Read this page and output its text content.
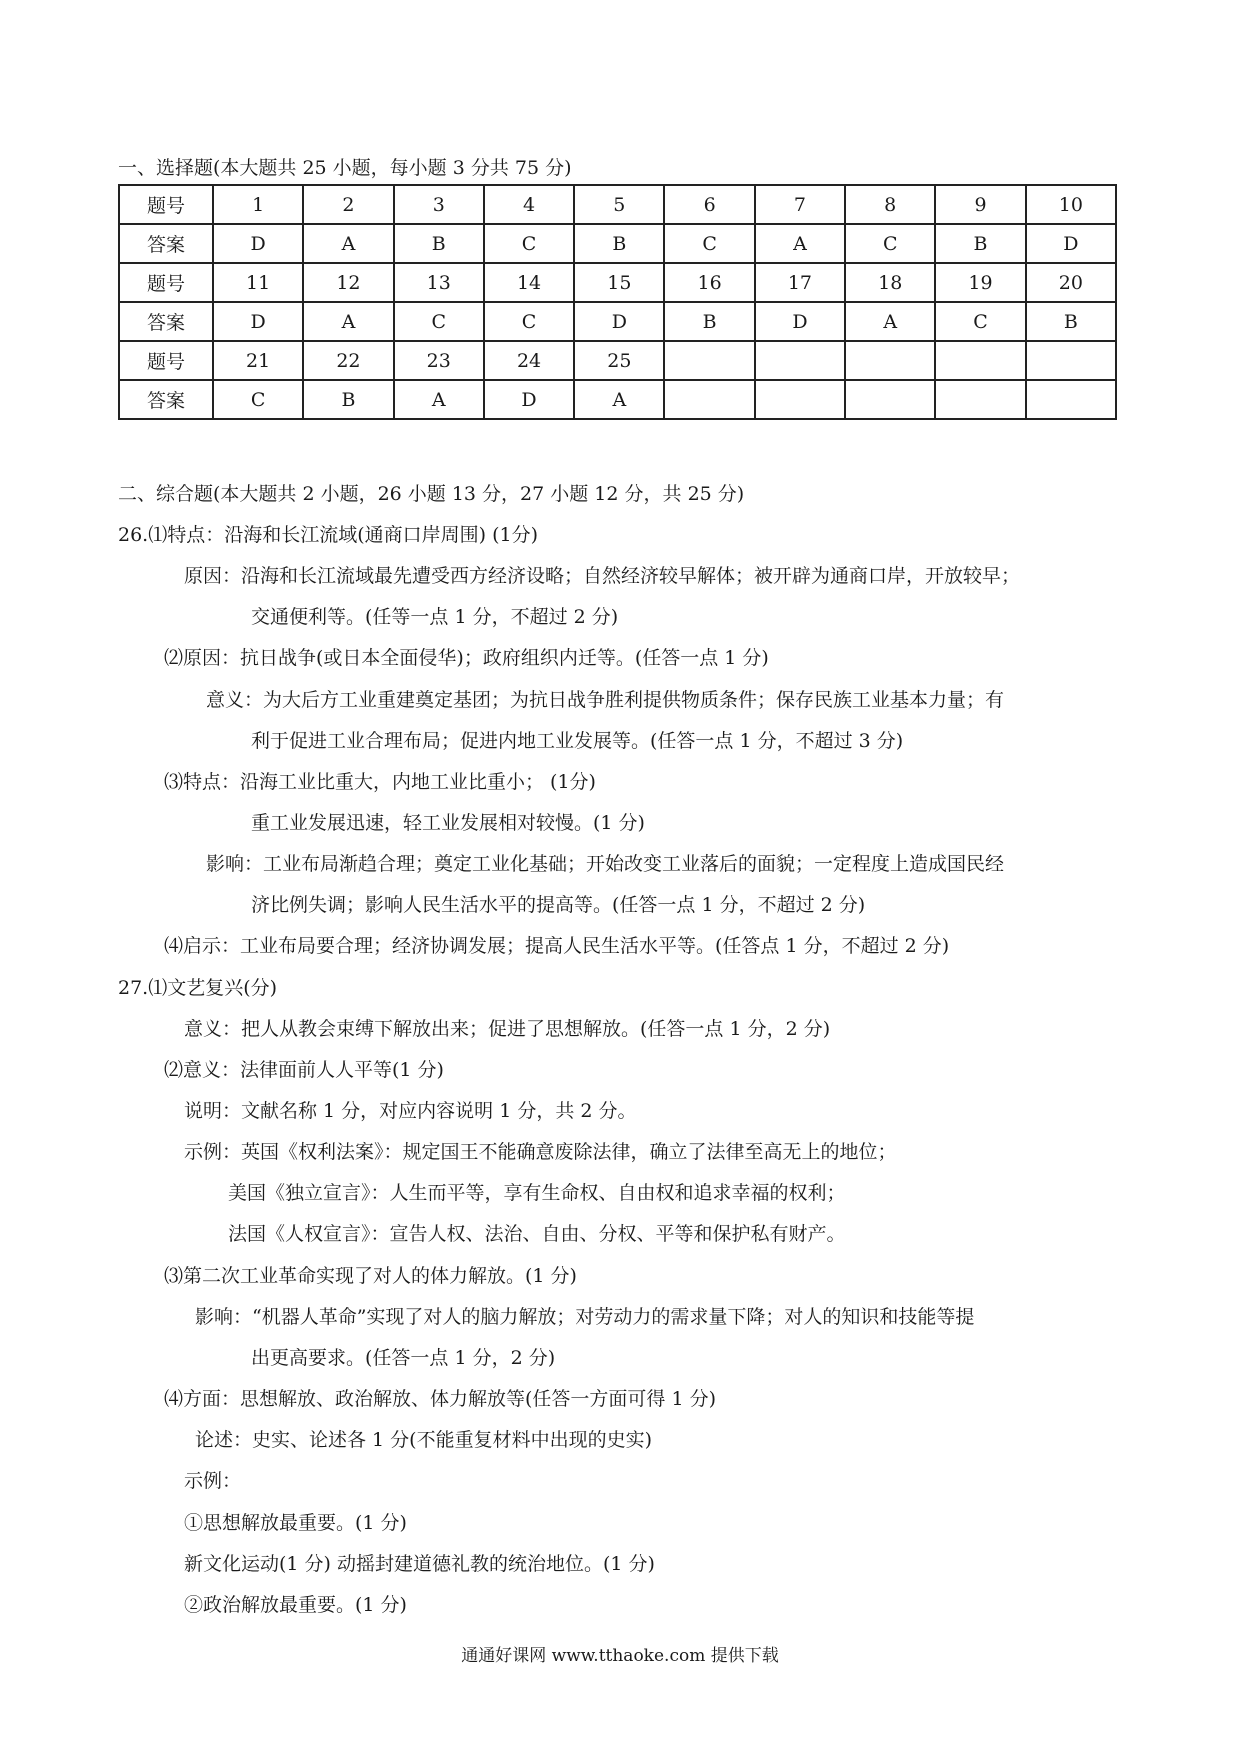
一、选择题(本大题共 25 小题，每小题 3 分共 75 分)
题号	1	2	3	4	5	6	7	8	9	10
答案	D	A	B	C	B	C	A	C	B	D
题号	11	12	13	14	15	16	17	18	19	20
答案	D	A	C	C	D	B	D	A	C	B
题号	21	22	23	24	25					
答案	C	B	A	D	A					
二、综合题(本大题共 2 小题，26 小题 13 分，27 小题 12 分，共 25 分)
26.⑴特点：沿海和长江流域(通商口岸周围) (1分)
原因：沿海和长江流域最先遭受西方经济设略；自然经济较早解体；被开辟为通商口岸，开放较早；
交通便利等。(任等一点 1 分，不超过 2 分)
⑵原因：抗日战争(或日本全面侵华)；政府组织内迁等。(任答一点 1 分)
意义：为大后方工业重建奠定基团；为抗日战争胜利提供物质条件；保存民族工业基本力量；有
利于促进工业合理布局；促进内地工业发展等。(任答一点 1 分，不超过 3 分)
⑶特点：沿海工业比重大，内地工业比重小； (1分)
重工业发展迅速，轻工业发展相对较慢。(1 分)
影响：工业布局渐趋合理；奠定工业化基础；开始改变工业落后的面貌；一定程度上造成国民经
济比例失调；影响人民生活水平的提高等。(任答一点 1 分，不超过 2 分)
⑷启示：工业布局要合理；经济协调发展；提高人民生活水平等。(任答点 1 分，不超过 2 分)
27.⑴文艺复兴(分)
意义：把人从教会束缚下解放出来；促进了思想解放。(任答一点 1 分，2 分)
⑵意义：法律面前人人平等(1 分)
说明：文献名称 1 分，对应内容说明 1 分，共 2 分。
示例：英国《权利法案》：规定国王不能确意废除法律，确立了法律至高无上的地位；
美国《独立宣言》：人生而平等，享有生命权、自由权和追求幸福的权利；
法国《人权宣言》：宣告人权、法治、自由、分权、平等和保护私有财产。
⑶第二次工业革命实现了对人的体力解放。(1 分)
影响：“机器人革命”实现了对人的脑力解放；对劳动力的需求量下降；对人的知识和技能等提
出更高要求。(任答一点 1 分，2 分)
⑷方面：思想解放、政治解放、体力解放等(任答一方面可得 1 分)
论述：史实、论述各 1 分(不能重复材料中出现的史实)
示例：
①思想解放最重要。(1 分)
新文化运动(1 分) 动摇封建道德礼教的统治地位。(1 分)
②政治解放最重要。(1 分)
通通好课网 www.tthaoke.com 提供下载
